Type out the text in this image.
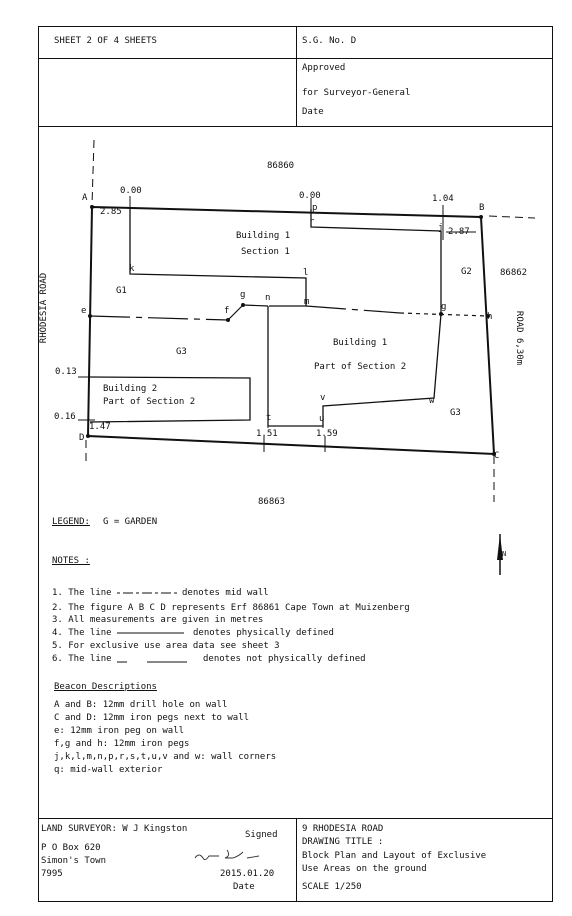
SHEET 2 OF 4 SHEETS	S.G. No. D
Approved
for Surveyor-General
Date
N
86860
86862
86863
RHODESIA ROAD	ROAD 6,30m
A
B
C
D
e	f
g
g
h
j
k	l
m
n
p
r
t	u
v	w
0.00	0.00	1.04
2.85
2.87
0.13
0.16
1.47
1.51	1.59
Building 1
Section 1
Building 1
Part of Section 2
Building 2
Part of Section 2
G1
G2
G3
G3
LEGEND: G = GARDEN
NOTES :
1. The line	denotes mid wall
2. The figure A B C D represents Erf 86861 Cape Town at Muizenberg
3. All measurements are given in metres
4. The line	denotes physically defined
5. For exclusive use area data see sheet 3
6. The line	denotes not physically defined
Beacon Descriptions
A and B: 12mm drill hole on wall
C and D: 12mm iron pegs next to wall
e: 12mm iron peg on wall
f,g and h: 12mm iron pegs
j,k,l,m,n,p,r,s,t,u,v and w: wall corners
q: mid-wall exterior
LAND SURVEYOR: W J Kingston
Signed
P O Box 620
Simon's Town
7995	2015.01.20
Date
9 RHODESIA ROAD
DRAWING TITLE :
Block Plan and Layout of Exclusive
Use Areas on the ground
SCALE 1/250
